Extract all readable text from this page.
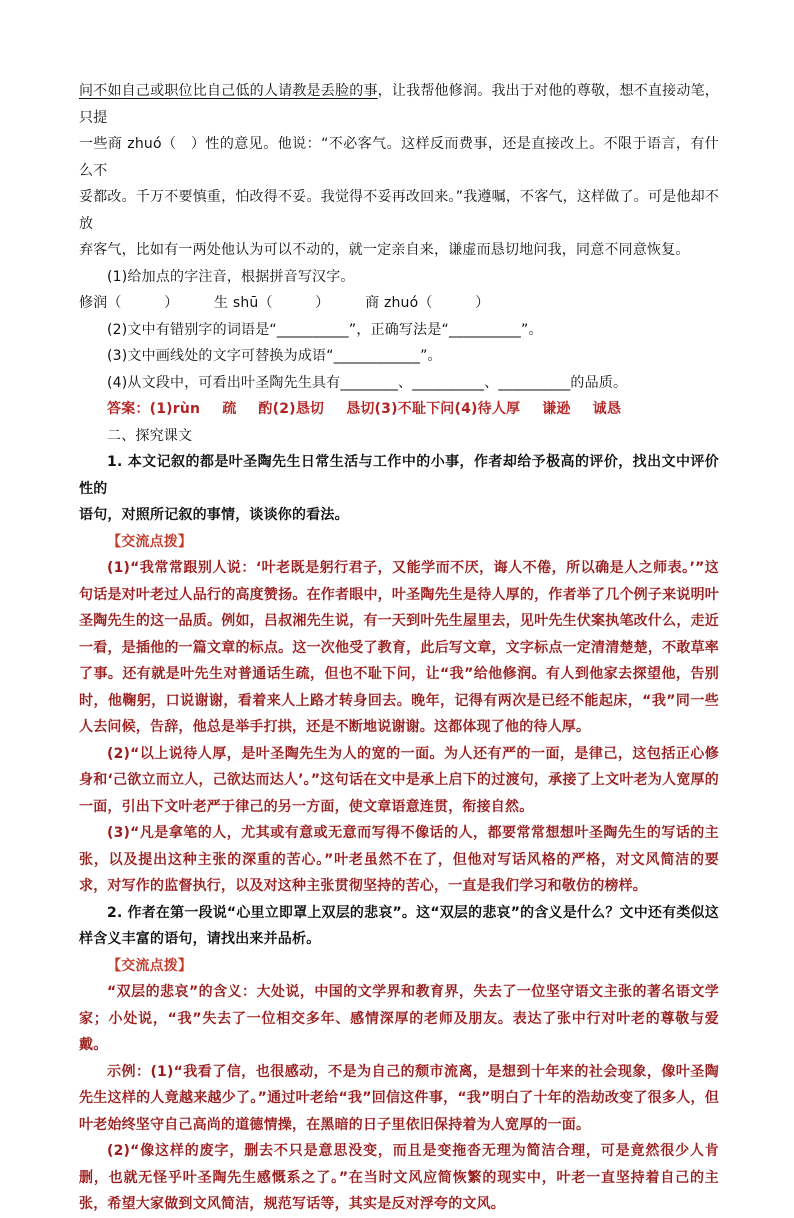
问不如自己或职位比自己低的人请教是丢脸的事，让我帮他修润。我出于对他的尊敬，想不直接动笔，只提

一些商 zhuó（　）性的意见。他说：“不必客气。这样反而费事，还是直接改上。不限于语言，有什么不

妥都改。千万不要慎重，怕改得不妥。我觉得不妥再改回来。”我遵嘱，不客气，这样做了。可是他却不放

弃客气，比如有一两处他认为可以不动的，就一定亲自来，谦虚而恳切地问我，同意不同意恢复。

(1)给加点的字注音，根据拼音写汉字。

修润（　　　）　　　生 shū（　　　）　　　商 zhuó（　　　）

(2)文中有错别字的词语是“__________”，正确写法是“__________”。

(3)文中画线处的文字可替换为成语“____________”。

(4)从文段中，可看出叶圣陶先生具有________、__________、__________的品质。

答案：(1)rùn 疏 酌(2)恳切 恳切(3)不耻下问(4)待人厚 谦逊 诚恳

二、探究课文

1. 本文记叙的都是叶圣陶先生日常生活与工作中的小事，作者却给予极高的评价，找出文中评价性的

语句，对照所记叙的事情，谈谈你的看法。

【交流点拨】

(1)“我常常跟别人说：‘叶老既是躬行君子，又能学而不厌，诲人不倦，所以确是人之师表。’”这句话是对叶老过人品行的高度赞扬。在作者眼中，叶圣陶先生是待人厚的，作者举了几个例子来说明叶圣陶先生的这一品质。例如，吕叔湘先生说，有一天到叶先生屋里去，见叶先生伏案执笔改什么，走近一看，是插他的一篇文章的标点。这一次他受了教育，此后写文章，文字标点一定清清楚楚，不敢草率了事。还有就是叶先生对普通话生疏，但也不耻下问，让“我”给他修润。有人到他家去探望他，告别时，他鞠躬，口说谢谢，看着来人上路才转身回去。晚年，记得有两次是已经不能起床，“我”同一些人去问候，告辞，他总是举手打拱，还是不断地说谢谢。这都体现了他的待人厚。

(2)“以上说待人厚，是叶圣陶先生为人的宽的一面。为人还有严的一面，是律己，这包括正心修身和‘己欲立而立人，己欲达而达人’。”这句话在文中是承上启下的过渡句，承接了上文叶老为人宽厚的一面，引出下文叶老严于律己的另一方面，使文章语意连贯，衔接自然。

(3)“凡是拿笔的人，尤其或有意或无意而写得不像话的人，都要常常想想叶圣陶先生的写话的主张，以及提出这种主张的深重的苦心。”叶老虽然不在了，但他对写话风格的严格，对文风简洁的要求，对写作的监督执行，以及对这种主张贯彻坚持的苦心，一直是我们学习和敬仿的榜样。

2. 作者在第一段说“心里立即罩上双层的悲哀”。这“双层的悲哀”的含义是什么？文中还有类似这

样含义丰富的语句，请找出来并品析。

【交流点拨】

“双层的悲哀”的含义：大处说，中国的文学界和教育界，失去了一位坚守语文主张的著名语文学家；小处说，“我”失去了一位相交多年、感情深厚的老师及朋友。表达了张中行对叶老的尊敬与爱戴。

示例：(1)“我看了信，也很感动，不是为自己的颓市流离，是想到十年来的社会现象，像叶圣陶先生这样的人竟越来越少了。”通过叶老给“我”回信这件事，“我”明白了十年的浩劫改变了很多人，但叶老始终坚守自己高尚的道德情操，在黑暗的日子里依旧保持着为人宽厚的一面。

(2)“像这样的废字，删去不只是意思没变，而且是变拖沓无理为简洁合理，可是竟然很少人肯删，也就无怪乎叶圣陶先生感慨系之了。”在当时文风应简恢繁的现实中，叶老一直坚持着自己的主张，希望大家做到文风简洁，规范写话等，其实是反对浮夸的文风。
